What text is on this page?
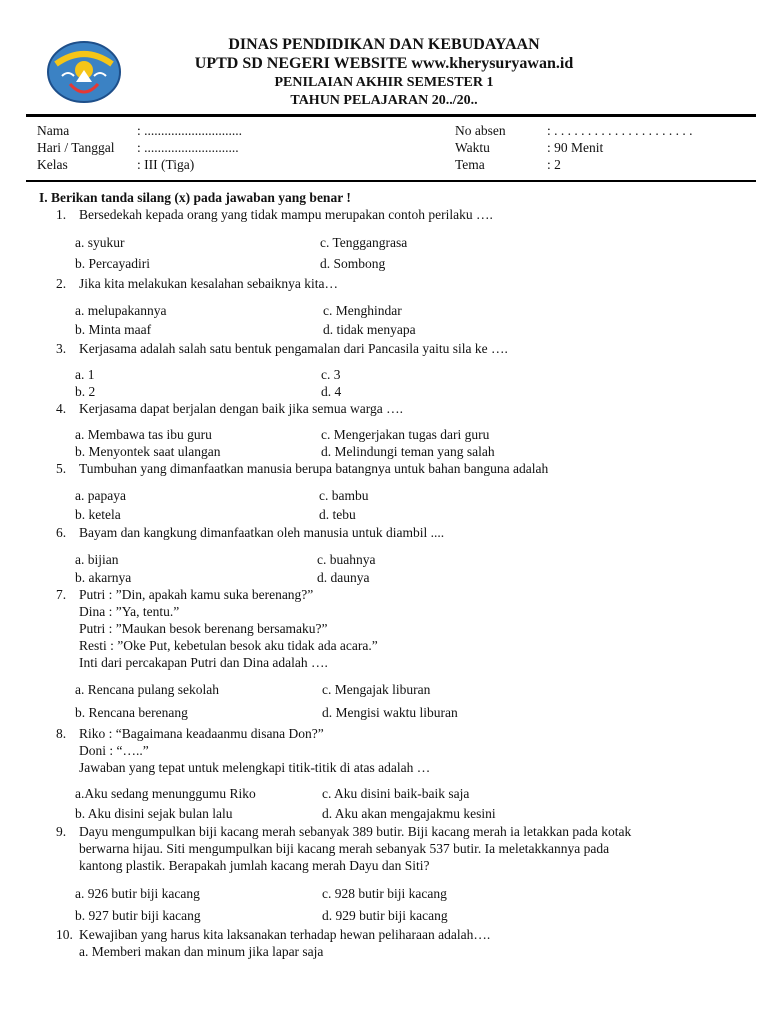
DINAS PENDIDIKAN DAN KEBUDAYAAN
UPTD SD NEGERI WEBSITE www.kherysuryawan.id
PENILAIAN AKHIR SEMESTER 1
TAHUN PELAJARAN 20../20..
Nama	: .............................
Hari / Tanggal : ............................
Kelas	: III (Tiga)
No absen	: . . . . . . . . . . . . . . . . . . . . .
Waktu	: 90 Menit
Tema	: 2
I. Berikan tanda silang (x) pada jawaban yang benar !
1. Bersedekah kepada orang yang tidak mampu merupakan contoh perilaku ….
a. syukur	c. Tenggangrasa
b. Percayadiri	d. Sombong
2. Jika kita melakukan kesalahan sebaiknya kita…
a. melupakannya	c. Menghindar
b. Minta maaf	d. tidak menyapa
3. Kerjasama adalah salah satu bentuk pengamalan dari Pancasila yaitu sila ke ….
a. 1	c. 3
b. 2	d. 4
4. Kerjasama dapat berjalan dengan baik jika semua warga ….
a. Membawa tas ibu guru	c. Mengerjakan tugas dari guru
b. Menyontek saat ulangan	d. Melindungi teman yang salah
5. Tumbuhan yang dimanfaatkan manusia berupa batangnya untuk bahan banguna adalah
a. papaya	c. bambu
b. ketela	d. tebu
6. Bayam dan kangkung dimanfaatkan oleh manusia untuk diambil ....
a. bijian	c. buahnya
b. akarnya	d. daunya
7. Putri : ”Din, apakah kamu suka berenang?”
Dina : ”Ya, tentu.”
Putri : ”Maukan besok berenang bersamaku?”
Resti : ”Oke Put, kebetulan besok aku tidak ada acara.”
Inti dari percakapan Putri dan Dina adalah ….
a. Rencana pulang sekolah	c. Mengajak liburan
b. Rencana berenang	d. Mengisi waktu liburan
8. Riko : “Bagaimana keadaanmu disana Don?”
Doni : “…..”
Jawaban yang tepat untuk melengkapi titik-titik di atas adalah …
a.Aku sedang menunggumu Riko	c. Aku disini baik-baik saja
b. Aku disini sejak bulan lalu	d. Aku akan mengajakmu kesini
9. Dayu mengumpulkan biji kacang merah sebanyak 389 butir. Biji kacang merah ia letakkan pada kotak
berwarna hijau. Siti mengumpulkan biji kacang merah sebanyak 537 butir. Ia meletakkannya pada
kantong plastik. Berapakah jumlah kacang merah Dayu dan Siti?
a. 926 butir biji kacang	c. 928 butir biji kacang
b. 927 butir biji kacang	d. 929 butir biji kacang
10. Kewajiban yang harus kita laksanakan terhadap hewan peliharaan adalah….
a. Memberi makan dan minum jika lapar saja
